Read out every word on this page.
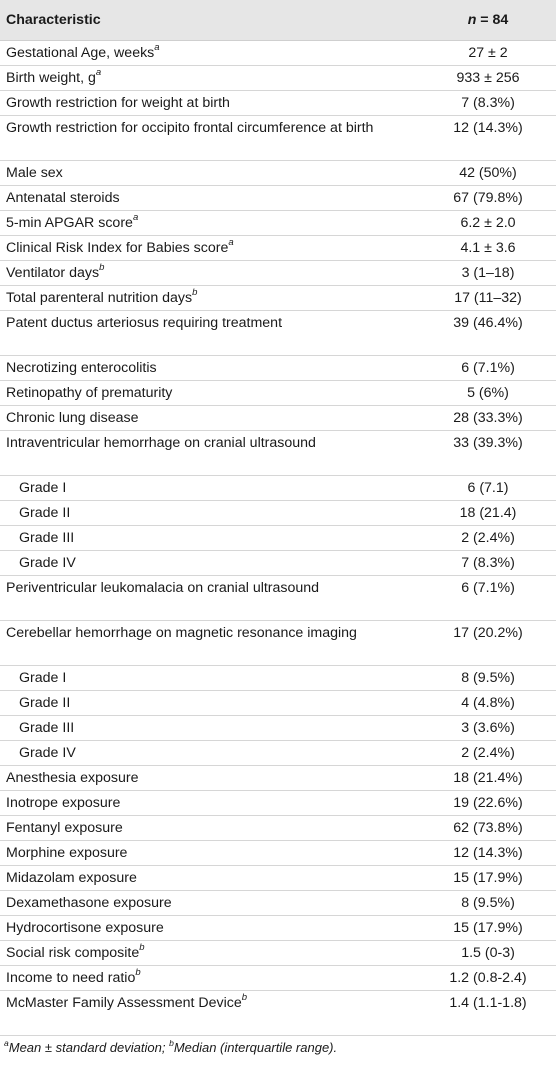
Characteristic	n = 84
Gestational Age, weeks$^a$	27 ± 2
Birth weight, $g^a$	933 ± 256
Growth restriction for weight at birth	7 (8.3%)
Growth restriction for occipito frontal circumference at birth	12 (14.3%)
Male sex	42 (50%)
Antenatal steroids	67 (79.8%)
5-min APGAR score$^a$	6.2 ± 2.0
Clinical Risk Index for Babies score$^a$	4.1 ± 3.6
Ventilator days$^b$	3 (1–18)
Total parenteral nutrition days$^b$	17 (11–32)
Patent ductus arteriosus requiring treatment	39 (46.4%)
Necrotizing enterocolitis	6 (7.1%)
Retinopathy of prematurity	5 (6%)
Chronic lung disease	28 (33.3%)
Intraventricular hemorrhage on cranial ultrasound	33 (39.3%)
Grade I	6 (7.1)
Grade II	18 (21.4)
Grade III	2 (2.4%)
Grade IV	7 (8.3%)
Periventricular leukomalacia on cranial ultrasound	6 (7.1%)
Cerebellar hemorrhage on magnetic resonance imaging	17 (20.2%)
Grade I	8 (9.5%)
Grade II	4 (4.8%)
Grade III	3 (3.6%)
Grade IV	2 (2.4%)
Anesthesia exposure	18 (21.4%)
Inotrope exposure	19 (22.6%)
Fentanyl exposure	62 (73.8%)
Morphine exposure	12 (14.3%)
Midazolam exposure	15 (17.9%)
Dexamethasone exposure	8 (9.5%)
Hydrocortisone exposure	15 (17.9%)
Social risk composite$^b$	1.5 (0-3)
Income to need ratio$^b$	1.2 (0.8-2.4)
McMaster Family Assessment Device$^b$	1.4 (1.1-1.8)
$^a$Mean ± standard deviation; $^b$Median (interquartile range).
